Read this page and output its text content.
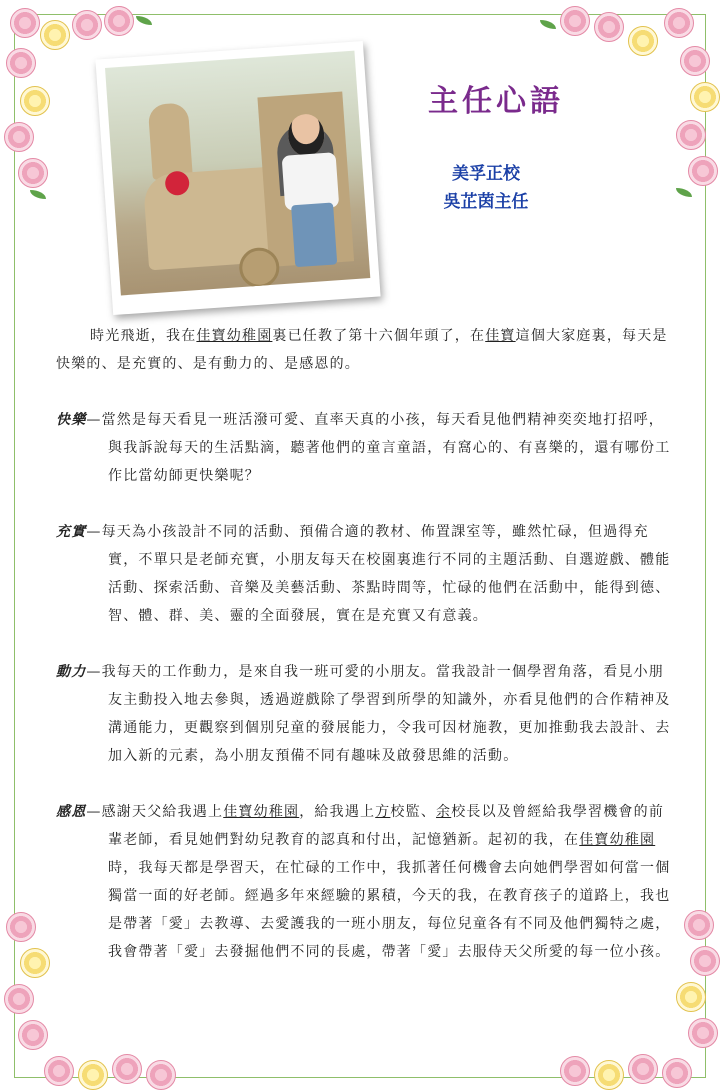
主任心語
美孚正校
吳芷茵主任

時光飛逝，我在佳寶幼稚園裏已任教了第十六個年頭了，在佳寶這個大家庭裏，每天是快樂的、是充實的、是有動力的、是感恩的。

快樂—當然是每天看見一班活潑可愛、直率天真的小孩，每天看見他們精神奕奕地打招呼，與我訴說每天的生活點滴，聽著他們的童言童語，有窩心的、有喜樂的，還有哪份工作比當幼師更快樂呢？

充實—每天為小孩設計不同的活動、預備合適的教材、佈置課室等，雖然忙碌，但過得充實，不單只是老師充實，小朋友每天在校園裏進行不同的主題活動、自選遊戲、體能活動、探索活動、音樂及美藝活動、茶點時間等，忙碌的他們在活動中，能得到德、智、體、群、美、靈的全面發展，實在是充實又有意義。

動力—我每天的工作動力，是來自我一班可愛的小朋友。當我設計一個學習角落，看見小朋友主動投入地去參與，透過遊戲除了學習到所學的知識外，亦看見他們的合作精神及溝通能力，更觀察到個別兒童的發展能力，令我可因材施教，更加推動我去設計、去加入新的元素，為小朋友預備不同有趣味及啟發思維的活動。

感恩—感謝天父給我遇上佳寶幼稚園，給我遇上方校監、余校長以及曾經給我學習機會的前輩老師，看見她們對幼兒教育的認真和付出，記憶猶新。起初的我，在佳寶幼稚園時，我每天都是學習天，在忙碌的工作中，我抓著任何機會去向她們學習如何當一個獨當一面的好老師。經過多年來經驗的累積，今天的我，在教育孩子的道路上，我也是帶著「愛」去教導、去愛護我的一班小朋友，每位兒童各有不同及他們獨特之處，我會帶著「愛」去發掘他們不同的長處，帶著「愛」去服侍天父所愛的每一位小孩。
